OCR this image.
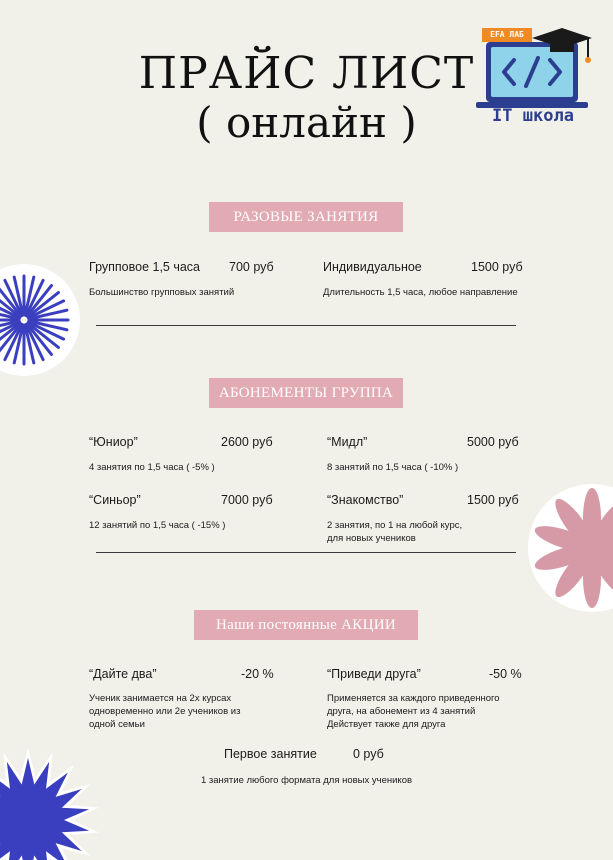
EFA ЛАБ
IT школа
ПРАЙС ЛИСТ
( онлайн )
РАЗОВЫЕ ЗАНЯТИЯ
Групповое 1,5 часа 700 руб
Большинство групповых занятий
Индивидуальное	1500 руб
Длительность 1,5 часа, любое направление
АБОНЕМЕНТЫ ГРУППА
“Юниор”	2600 руб
4 занятия по 1,5 часа ( -5% )
“Мидл”	5000 руб
8 занятий по 1,5 часа ( -10% )
“Синьор”	7000 руб
12 занятий по 1,5 часа ( -15% )
“Знакомство”	1500 руб
2 занятия, по 1 на любой курс,
для новых учеников
Наши постоянные АКЦИИ
“Дайте два”	-20 %
Ученик занимается на 2х курсах
одновременно или 2е учеников из
одной семьи
“Приведи друга”	-50 %
Применяется за каждого приведенного
друга, на абонемент из 4 занятий
Действует также для друга
Первое занятие	0 руб
1 занятие любого формата для новых учеников
